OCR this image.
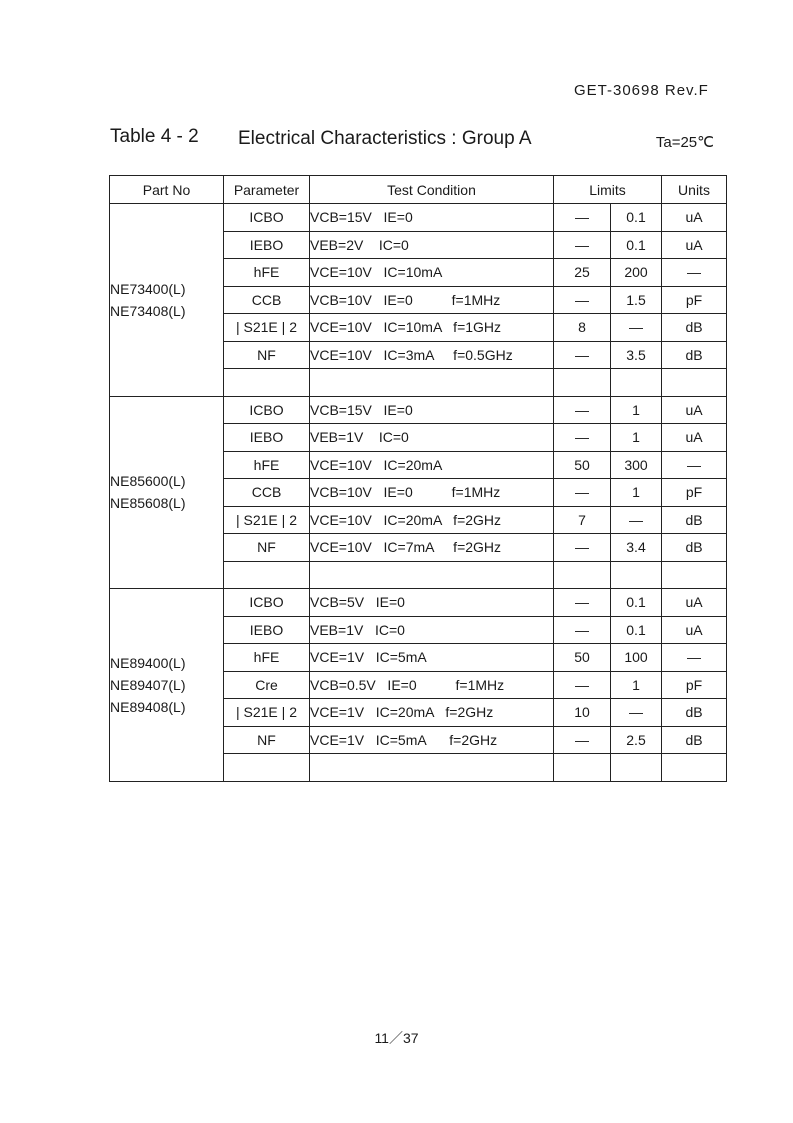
GET-30698 Rev.F
Table 4 - 2 Electrical Characteristics : Group A	Ta=25℃
Part No	Parameter	Test Condition	Limits		Units
NE73400(L)
NE73408(L)	ICBO	VCB=15V   IE=0	—	0.1	uA
	IEBO	VEB=2V    IC=0	—	0.1	uA
	hFE	VCE=10V   IC=10mA	25	200	—
	CCB	VCB=10V   IE=0          f=1MHz	—	1.5	pF
	| S21E | 2	VCE=10V   IC=10mA   f=1GHz	8	—	dB
	NF	VCE=10V   IC=3mA     f=0.5GHz	—	3.5	dB

NE85600(L)
NE85608(L)	ICBO	VCB=15V   IE=0	—	1	uA
	IEBO	VEB=1V    IC=0	—	1	uA
	hFE	VCE=10V   IC=20mA	50	300	—
	CCB	VCB=10V   IE=0          f=1MHz	—	1	pF
	| S21E | 2	VCE=10V   IC=20mA   f=2GHz	7	—	dB
	NF	VCE=10V   IC=7mA     f=2GHz	—	3.4	dB

NE89400(L)
NE89407(L)
NE89408(L)	ICBO	VCB=5V   IE=0	—	0.1	uA
	IEBO	VEB=1V   IC=0	—	0.1	uA
	hFE	VCE=1V   IC=5mA	50	100	—
	Cre	VCB=0.5V   IE=0          f=1MHz	—	1	pF
	| S21E | 2	VCE=1V   IC=20mA   f=2GHz	10	—	dB
	NF	VCE=1V   IC=5mA      f=2GHz	—	2.5	dB

11／37
